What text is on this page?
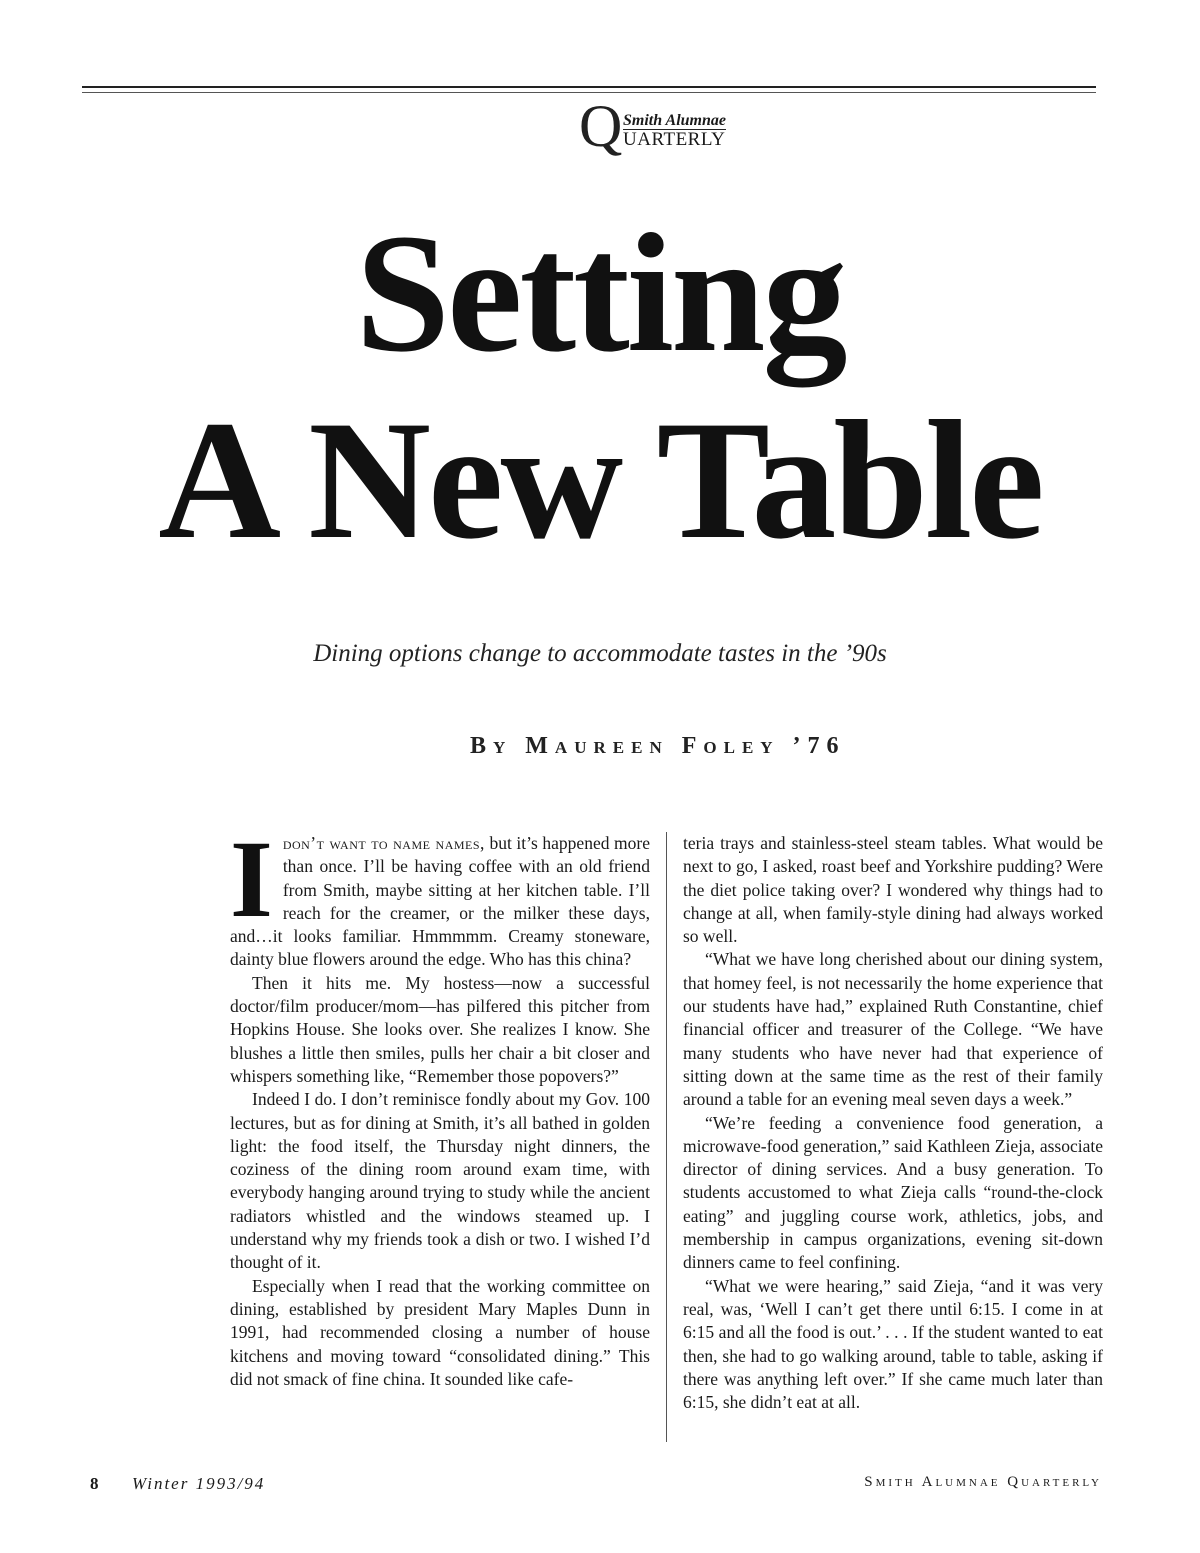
Q Smith Alumnae
UARTERLY
Setting
A New Table
Dining options change to accommodate tastes in the ’90s
By Maureen Foley ’76

Idon’t want to name names, but it’s happened more than once. I’ll be having coffee with an old friend from Smith, maybe sitting at her kitchen table. I’ll reach for the creamer, or the milker these days, and…it looks familiar. Hmmmmm. Creamy stoneware, dainty blue flowers around the edge. Who has this china?

Then it hits me. My hostess—now a successful doctor/film producer/mom—has pilfered this pitcher from Hopkins House. She looks over. She realizes I know. She blushes a little then smiles, pulls her chair a bit closer and whispers something like, “Remember those popovers?”

Indeed I do. I don’t reminisce fondly about my Gov. 100 lectures, but as for dining at Smith, it’s all bathed in golden light: the food itself, the Thursday night dinners, the coziness of the dining room around exam time, with everybody hanging around trying to study while the ancient radiators whistled and the windows steamed up. I understand why my friends took a dish or two. I wished I’d thought of it.

Especially when I read that the working committee on dining, established by president Mary Maples Dunn in 1991, had recommended closing a number of house kitchens and moving toward “consolidated dining.” This did not smack of fine china. It sounded like cafe-

teria trays and stainless-steel steam tables. What would be next to go, I asked, roast beef and Yorkshire pudding? Were the diet police taking over? I wondered why things had to change at all, when family-style dining had always worked so well.

“What we have long cherished about our dining system, that homey feel, is not necessarily the home experience that our students have had,” explained Ruth Constantine, chief financial officer and treasurer of the College. “We have many students who have never had that experience of sitting down at the same time as the rest of their family around a table for an evening meal seven days a week.”

“We’re feeding a convenience food generation, a microwave-food generation,” said Kathleen Zieja, associate director of dining services. And a busy generation. To students accustomed to what Zieja calls “round-the-clock eating” and juggling course work, athletics, jobs, and membership in campus organizations, evening sit-down dinners came to feel confining.

“What we were hearing,” said Zieja, “and it was very real, was, ‘Well I can’t get there until 6:15. I come in at 6:15 and all the food is out.’ . . . If the student wanted to eat then, she had to go walking around, table to table, asking if there was anything left over.” If she came much later than 6:15, she didn’t eat at all.

8 Winter 1993/94	Smith Alumnae Quarterly
